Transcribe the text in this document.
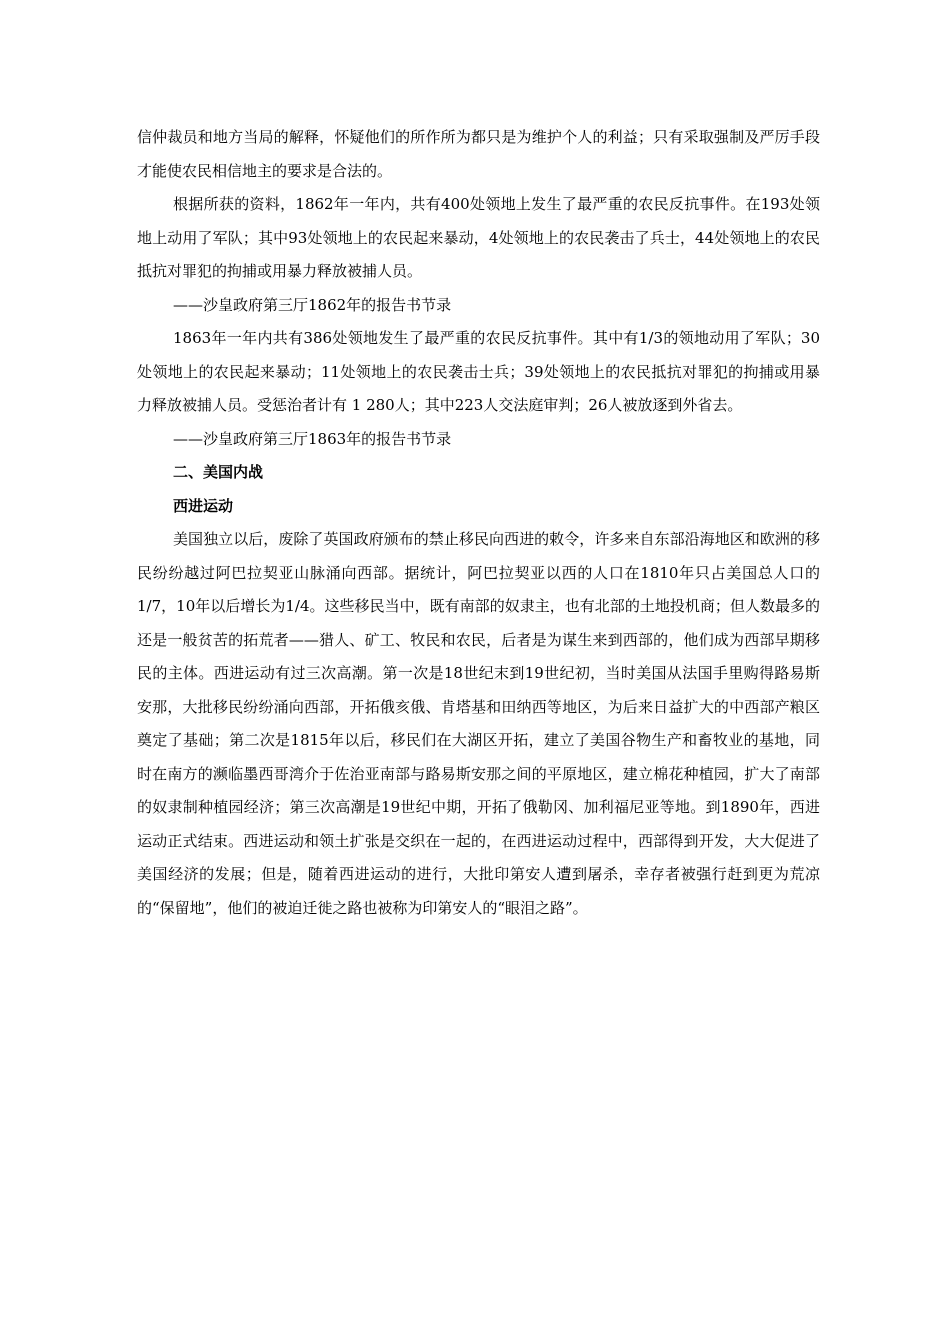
信仲裁员和地方当局的解释，怀疑他们的所作所为都只是为维护个人的利益；只有采取强制及严厉手段才能使农民相信地主的要求是合法的。

根据所获的资料，1862年一年内，共有400处领地上发生了最严重的农民反抗事件。在193处领地上动用了军队；其中93处领地上的农民起来暴动，4处领地上的农民袭击了兵士，44处领地上的农民抵抗对罪犯的拘捕或用暴力释放被捕人员。

——沙皇政府第三厅1862年的报告书节录

1863年一年内共有386处领地发生了最严重的农民反抗事件。其中有1/3的领地动用了军队；30处领地上的农民起来暴动；11处领地上的农民袭击士兵；39处领地上的农民抵抗对罪犯的拘捕或用暴力释放被捕人员。受惩治者计有 1 280人；其中223人交法庭审判；26人被放逐到外省去。

——沙皇政府第三厅1863年的报告书节录

二、美国内战

西进运动

美国独立以后，废除了英国政府颁布的禁止移民向西进的敕令，许多来自东部沿海地区和欧洲的移民纷纷越过阿巴拉契亚山脉涌向西部。据统计，阿巴拉契亚以西的人口在1810年只占美国总人口的1/7，10年以后增长为1/4。这些移民当中，既有南部的奴隶主，也有北部的土地投机商；但人数最多的还是一般贫苦的拓荒者——猎人、矿工、牧民和农民，后者是为谋生来到西部的，他们成为西部早期移民的主体。西进运动有过三次高潮。第一次是18世纪末到19世纪初，当时美国从法国手里购得路易斯安那，大批移民纷纷涌向西部，开拓俄亥俄、肯塔基和田纳西等地区，为后来日益扩大的中西部产粮区奠定了基础；第二次是1815年以后，移民们在大湖区开拓，建立了美国谷物生产和畜牧业的基地，同时在南方的濒临墨西哥湾介于佐治亚南部与路易斯安那之间的平原地区，建立棉花种植园，扩大了南部的奴隶制种植园经济；第三次高潮是19世纪中期，开拓了俄勒冈、加利福尼亚等地。到1890年，西进运动正式结束。西进运动和领土扩张是交织在一起的，在西进运动过程中，西部得到开发，大大促进了美国经济的发展；但是，随着西进运动的进行，大批印第安人遭到屠杀，幸存者被强行赶到更为荒凉的“保留地”，他们的被迫迁徙之路也被称为印第安人的“眼泪之路”。
